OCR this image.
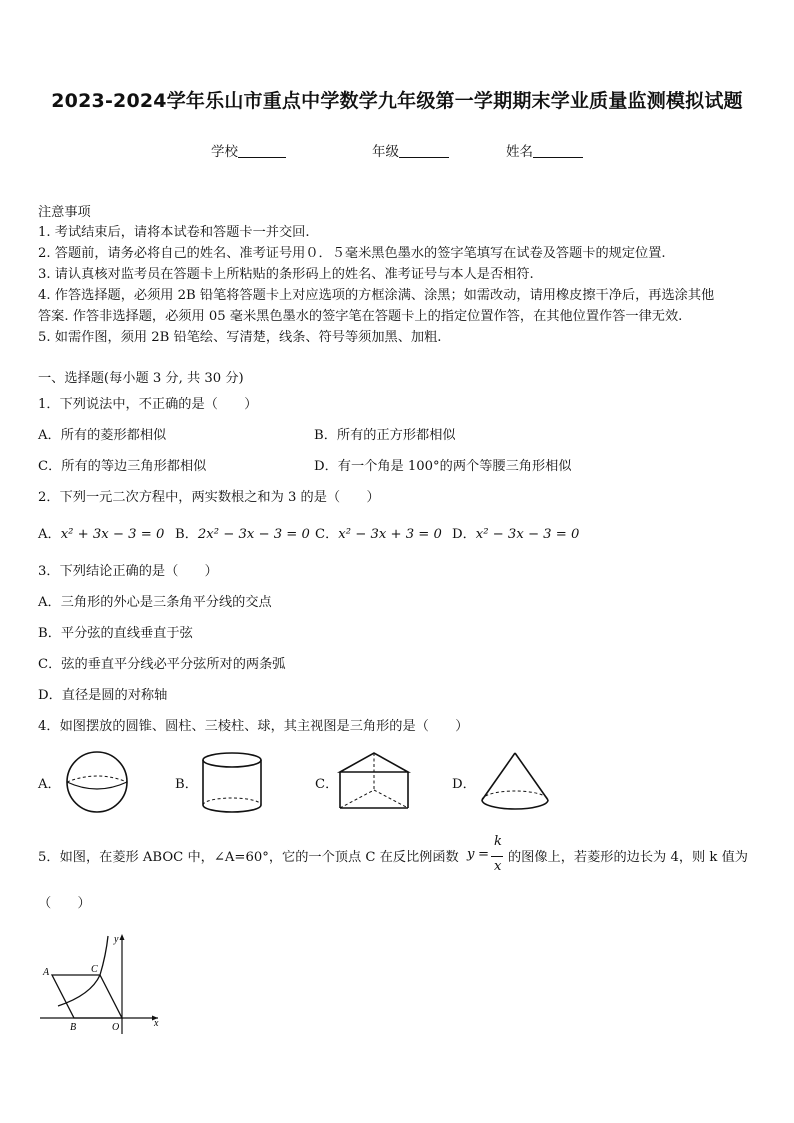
2023-2024学年乐山市重点中学数学九年级第一学期期末学业质量监测模拟试题
学校	年级	姓名
注意事项
1. 考试结束后，请将本试卷和答题卡一并交回.
2. 答题前，请务必将自己的姓名、准考证号用０．５毫米黑色墨水的签字笔填写在试卷及答题卡的规定位置.
3. 请认真核对监考员在答题卡上所粘贴的条形码上的姓名、准考证号与本人是否相符.
4. 作答选择题，必须用 2B 铅笔将答题卡上对应选项的方框涂满、涂黑；如需改动，请用橡皮擦干净后，再选涂其他
答案. 作答非选择题，必须用 05 毫米黑色墨水的签字笔在答题卡上的指定位置作答，在其他位置作答一律无效.
5. 如需作图，须用 2B 铅笔绘、写清楚，线条、符号等须加黑、加粗.
一、选择题(每小题 3 分, 共 30 分)
1．下列说法中，不正确的是（　　）
A．所有的菱形都相似	B．所有的正方形都相似
C．所有的等边三角形都相似	D．有一个角是 100°的两个等腰三角形相似
2．下列一元二次方程中，两实数根之和为 3 的是（　　）
A．x² + 3x − 3 = 0 B．2x² − 3x − 3 = 0 C．x² − 3x + 3 = 0 D．x² − 3x − 3 = 0
3．下列结论正确的是（　　）
A．三角形的外心是三条角平分线的交点
B．平分弦的直线垂直于弦
C．弦的垂直平分线必平分弦所对的两条弧
D．直径是圆的对称轴
4．如图摆放的圆锥、圆柱、三棱柱、球，其主视图是三角形的是（　　）
A．	B．	C．	D．
5．如图，在菱形 ABOC 中，∠A=60°，它的一个顶点 C 在反比例函数 y =
k
x
的图像上，若菱形的边长为 4，则 k 值为
（　　）
x
y
A	C
B	O
